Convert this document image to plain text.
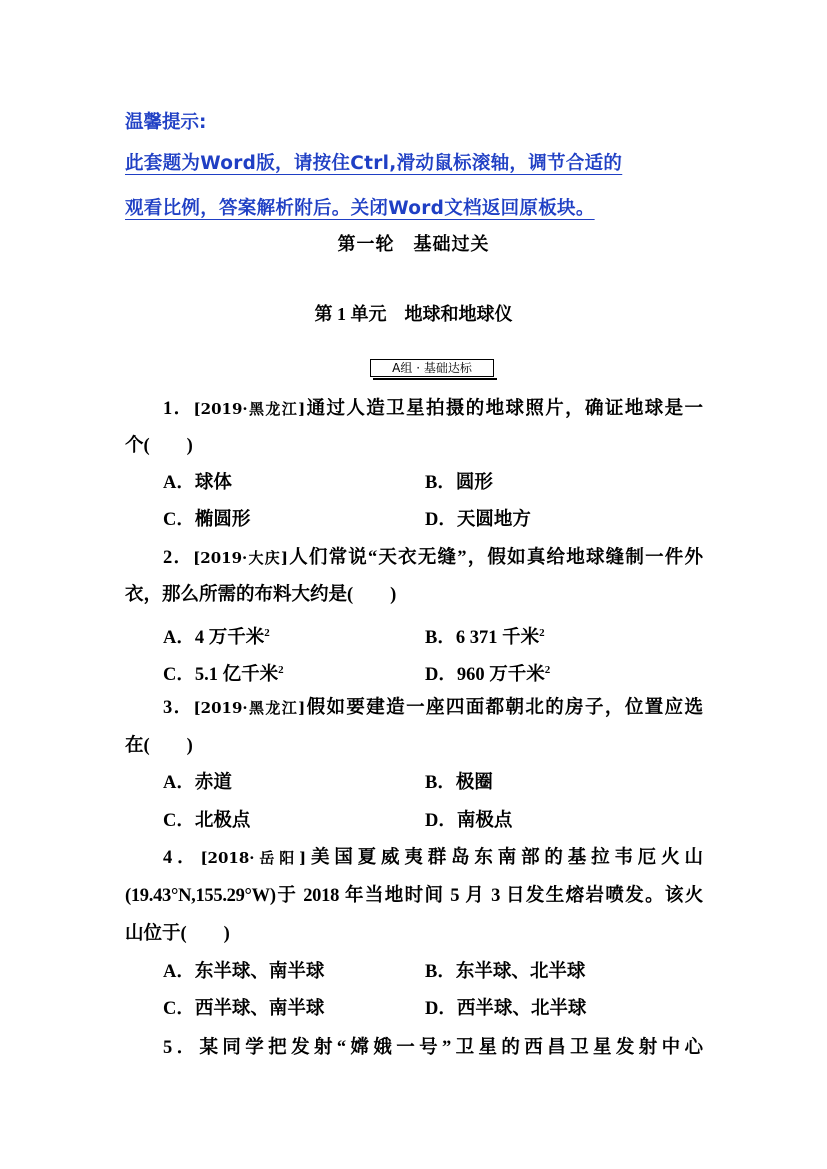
温馨提示:
此套题为Word版，请按住Ctrl,滑动鼠标滚轴，调节合适的
观看比例，答案解析附后。关闭Word文档返回原板块。
第一轮　基础过关
第 1 单元　地球和地球仪
A组 · 基础达标
1．[2019·黑龙江]通过人造卫星拍摄的地球照片，确证地球是一
个(　　)
A．球体	B．圆形
C．椭圆形	D．天圆地方
2．[2019·大庆]人们常说“天衣无缝”，假如真给地球缝制一件外
衣，那么所需的布料大约是(　　)
A．4 万千米$^2$	B．6 371 千米$^2$
C．5.1 亿千米$^2$	D．960 万千米$^2$
3．[2019·黑龙江]假如要建造一座四面都朝北的房子，位置应选
在(　　)
A．赤道	B．极圈
C．北极点	D．南极点
4．[2018·岳阳]美国夏威夷群岛东南部的基拉韦厄火山
(19.43°N,155.29°W)于 2018 年当地时间 5 月 3 日发生熔岩喷发。该火
山位于(　　)
A．东半球、南半球	B．东半球、北半球
C．西半球、南半球	D．西半球、北半球
5．某同学把发射“嫦娥一号”卫星的西昌卫星发射中心
